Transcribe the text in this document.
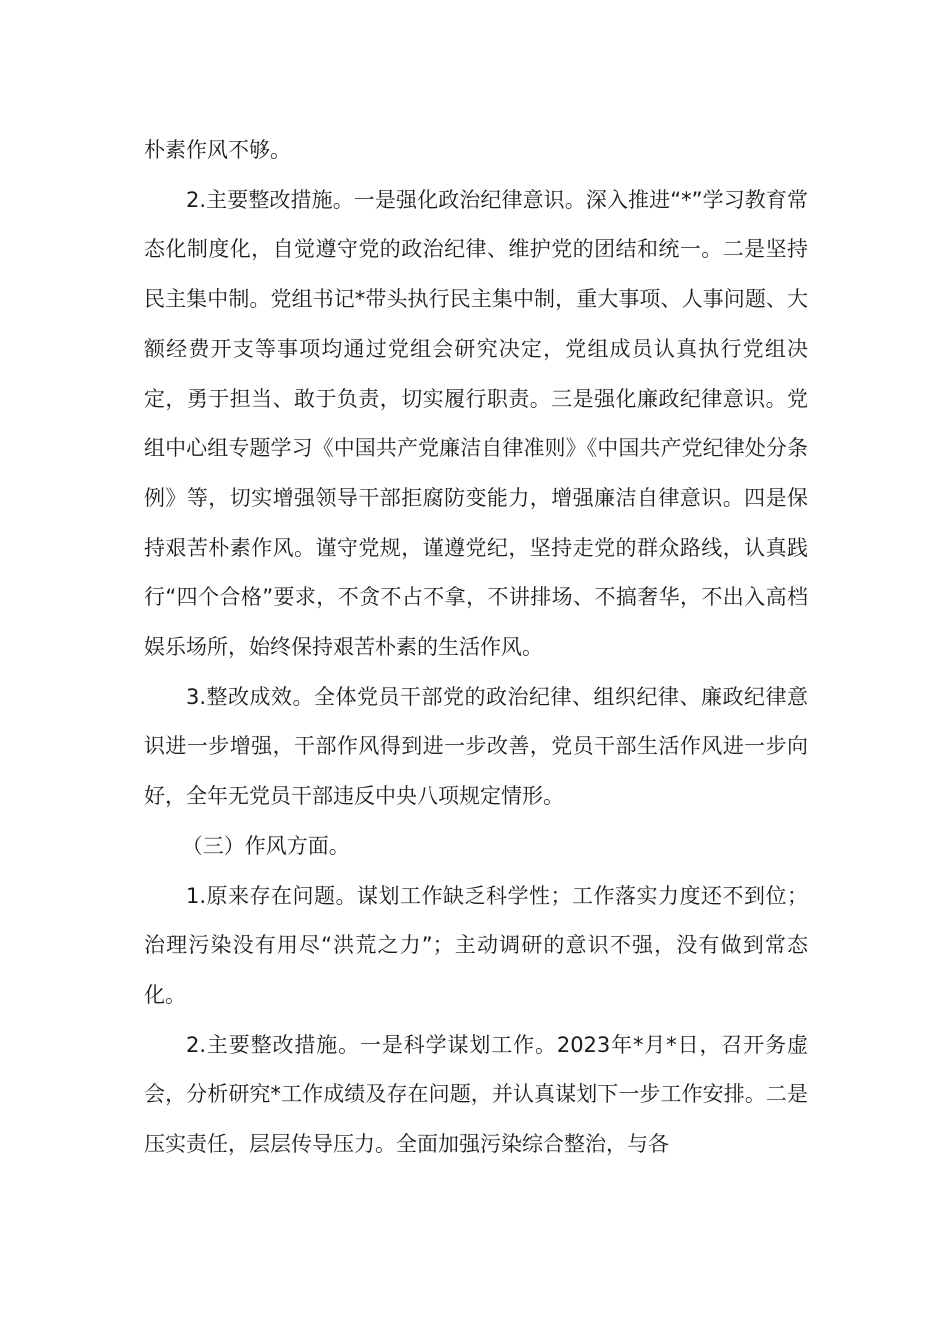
朴素作风不够。

2.主要整改措施。一是强化政治纪律意识。深入推进“*”学习教育常态化制度化，自觉遵守党的政治纪律、维护党的团结和统一。二是坚持民主集中制。党组书记*带头执行民主集中制，重大事项、人事问题、大额经费开支等事项均通过党组会研究决定，党组成员认真执行党组决定，勇于担当、敢于负责，切实履行职责。三是强化廉政纪律意识。党组中心组专题学习《中国共产党廉洁自律准则》《中国共产党纪律处分条例》等，切实增强领导干部拒腐防变能力，增强廉洁自律意识。四是保持艰苦朴素作风。谨守党规，谨遵党纪，坚持走党的群众路线，认真践行“四个合格”要求，不贪不占不拿，不讲排场、不搞奢华，不出入高档娱乐场所，始终保持艰苦朴素的生活作风。

3.整改成效。全体党员干部党的政治纪律、组织纪律、廉政纪律意识进一步增强，干部作风得到进一步改善，党员干部生活作风进一步向好，全年无党员干部违反中央八项规定情形。

（三）作风方面。

1.原来存在问题。谋划工作缺乏科学性；工作落实力度还不到位；治理污染没有用尽“洪荒之力”；主动调研的意识不强，没有做到常态化。

2.主要整改措施。一是科学谋划工作。2023年*月*日，召开务虚会，分析研究*工作成绩及存在问题，并认真谋划下一步工作安排。二是压实责任，层层传导压力。全面加强污染综合整治，与各
